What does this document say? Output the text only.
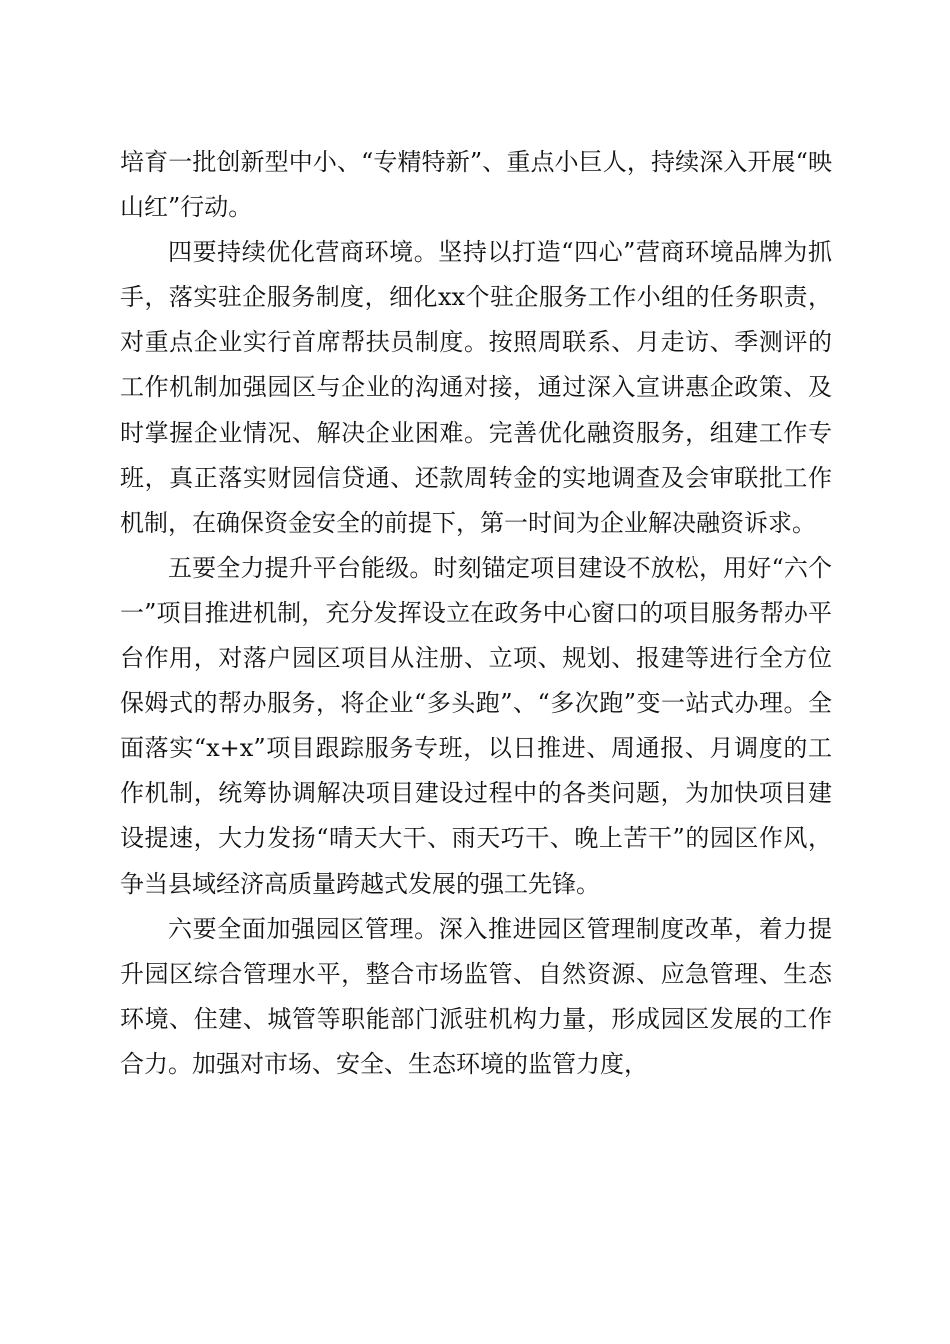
培育一批创新型中小、“专精特新”、重点小巨人，持续深入开展“映山红”行动。

四要持续优化营商环境。坚持以打造“四心”营商环境品牌为抓手，落实驻企服务制度，细化xx个驻企服务工作小组的任务职责，对重点企业实行首席帮扶员制度。按照周联系、月走访、季测评的工作机制加强园区与企业的沟通对接，通过深入宣讲惠企政策、及时掌握企业情况、解决企业困难。完善优化融资服务，组建工作专班，真正落实财园信贷通、还款周转金的实地调查及会审联批工作机制，在确保资金安全的前提下，第一时间为企业解决融资诉求。

五要全力提升平台能级。时刻锚定项目建设不放松，用好“六个一”项目推进机制，充分发挥设立在政务中心窗口的项目服务帮办平台作用，对落户园区项目从注册、立项、规划、报建等进行全方位保姆式的帮办服务，将企业“多头跑”、“多次跑”变一站式办理。全面落实“x+x”项目跟踪服务专班，以日推进、周通报、月调度的工作机制，统筹协调解决项目建设过程中的各类问题，为加快项目建设提速，大力发扬“晴天大干、雨天巧干、晚上苦干”的园区作风，争当县域经济高质量跨越式发展的强工先锋。

六要全面加强园区管理。深入推进园区管理制度改革，着力提升园区综合管理水平，整合市场监管、自然资源、应急管理、生态环境、住建、城管等职能部门派驻机构力量，形成园区发展的工作合力。加强对市场、安全、生态环境的监管力度，
